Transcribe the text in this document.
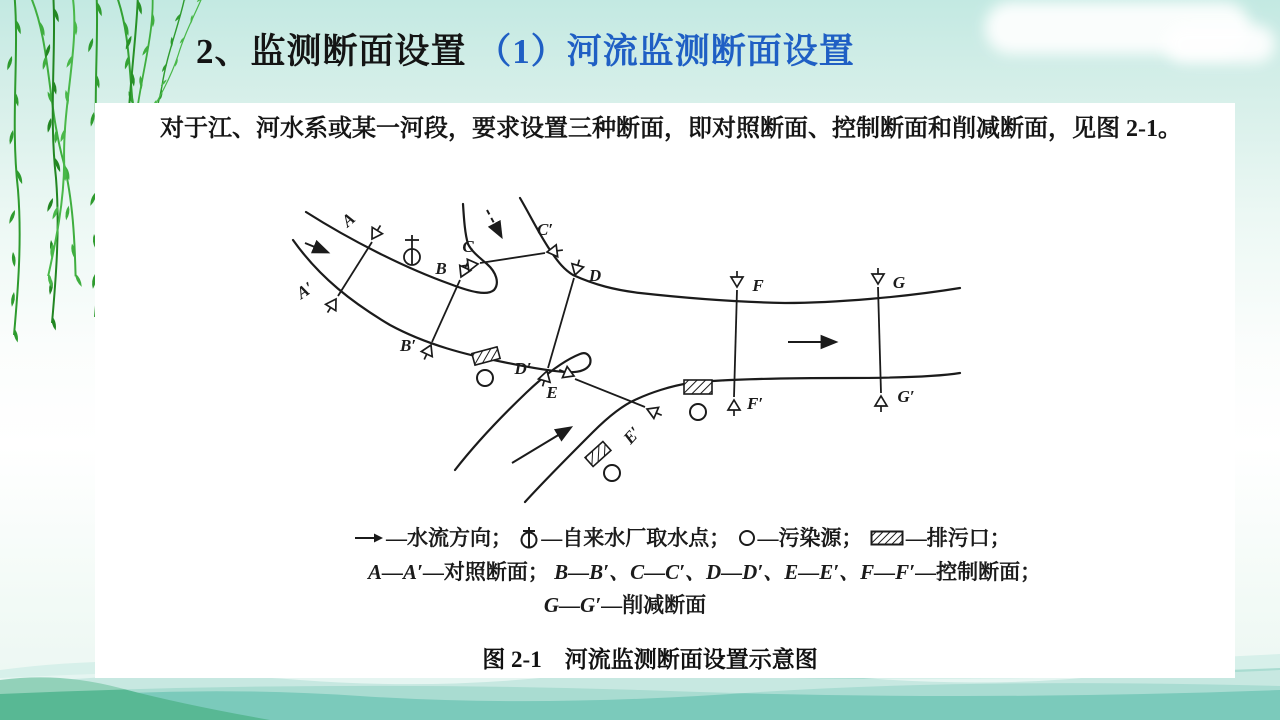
2、监测断面设置 （1）河流监测断面设置
对于江、河水系或某一河段，要求设置三种断面，即对照断面、控制断面和削减断面，见图 2-1。
A
A′
B
B′
C
C′
D
D′
E
E′
F
F′
G
G′
—水流方向； —自来水厂取水点； —污染源； —排污口；
A—A′—对照断面； B—B′、C—C′、D—D′、E—E′、F—F′—控制断面；
G—G′—削减断面
图 2-1　河流监测断面设置示意图
